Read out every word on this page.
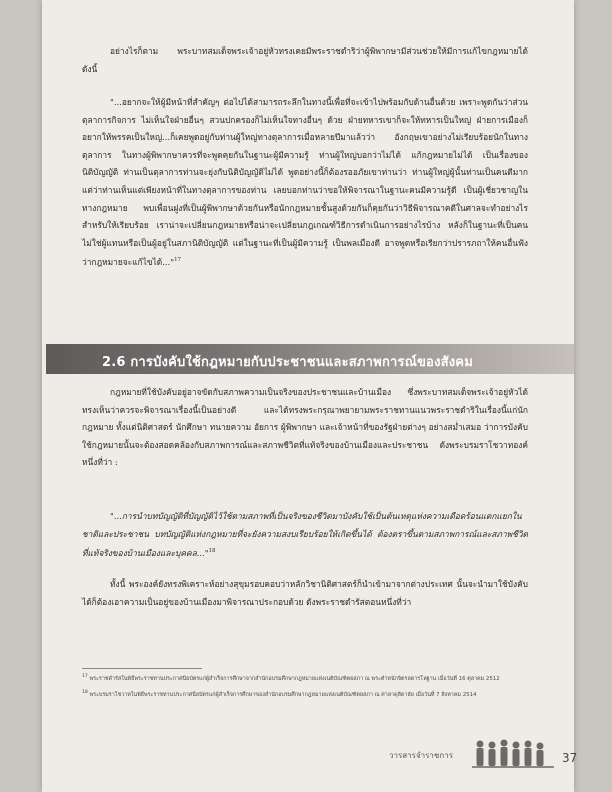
อย่างไรก็ตาม พระบาทสมเด็จพระเจ้าอยู่หัวทรงเคยมีพระราชดำริว่าผู้พิพากษามีส่วนช่วยให้มีการแก้ไขกฎหมายได้ ดังนี้

"...อยากจะให้ผู้มีหน้าที่สำคัญๆ ต่อไปได้สามารถระลึกในทางนี้เพื่อที่จะเข้าไปพร้อมกับด้านอื่นด้วย เพราะพูดกันว่าส่วนตุลาการกิจการ ไม่เห็นใจฝ่ายอื่นๆ สวนปกครองก็ไม่เห็นใจทางอื่นๆ ด้วย ฝ่ายทหารเขาก็จะให้ทหารเป็นใหญ่ ฝ่ายการเมืองก็อยากให้พรรคเป็นใหญ่...ก็เคยพูดอยู่กับท่านผู้ใหญ่ทางตุลาการเมื่อหลายปีมาแล้วว่า อังกฤษเขาอย่างไม่เรียบร้อยนักในทางตุลาการ ในทางผู้พิพากษาควรที่จะพูดคุยกันในฐานะผู้มีความรู้ ท่านผู้ใหญ่บอกว่าไม่ได้ แก้กฎหมายไม่ได้ เป็นเรื่องของนิติบัญญัติ ท่านเป็นตุลาการท่านจะยุ่งกับนิติบัญญัติไม่ได้ พูดอย่างนี้ก็ต้องรออภัยเขาท่านว่า ท่านผู้ใหญ่ผู้นั้นท่านเป็นคนดีมาก แต่ว่าท่านเห็นแต่เพียงหน้าที่ในทางตุลาการของท่าน เลยบอกท่านว่าขอให้พิจารณาในฐานะคนมีความรู้ดี เป็นผู้เชี่ยวชาญในทางกฎหมาย พบเพื่อนฝูงที่เป็นผู้พิพากษาด้วยกันหรือนักกฎหมายชั้นสูงด้วยกันก็คุยกันว่าวิธีพิจารณาคดีในศาลจะทำอย่างไรสำหรับให้เรียบร้อย เราน่าจะเปลี่ยนกฎหมายหรือน่าจะเปลี่ยนกฎเกณฑ์วิธีการดำเนินการอย่างไรบ้าง หลังก็ในฐานะที่เป็นคน ไม่ใช่ผู้แทนหรือเป็นผู้อยู่ในสภานิติบัญญัติ แต่ในฐานะที่เป็นผู้มีความรู้ เป็นพลเมืองดี อาจพูดหรือเรียกว่าปรารภถาให้คนอื่นฟังว่ากฎหมายจะแก้ไขได้..."$^{17}$

2.6 การบังคับใช้กฎหมายกับประชาชนและสภาพการณ์ของสังคม

กฎหมายที่ใช้บังคับอยู่อาจขัดกับสภาพความเป็นจริงของประชาชนและบ้านเมือง ซึ่งพระบาทสมเด็จพระเจ้าอยู่หัวได้ทรงเห็นว่าควรจะพิจารณาเรื่องนี้เป็นอย่างดี และได้ทรงพระกรุณาพยายามพระราชทานแนวพระราชดำริในเรื่องนี้แก่นักกฎหมาย ทั้งแต่นิติศาสตร์ นักศึกษา ทนายความ อัยการ ผู้พิพากษา และเจ้าหน้าที่ของรัฐฝ่ายต่างๆ อย่างสม่ำเสมอ ว่าการบังคับใช้กฎหมายนั้นจะต้องสอดคล้องกับสภาพการณ์และสภาพชีวิตที่แท้จริงของบ้านเมืองและประชาชน ดังพระบรมราโชวาทองค์หนึ่งที่ว่า :

"...การนำบทบัญญัติที่บัญญัติไว้ใช้ตามสภาพที่เป็นจริงของชีวิตมาบังคับใช้เป็นต้นเหตุแห่งความเดือดร้อนแตกแยกในชาติและประชาชน บทบัญญัติแห่งกฎหมายที่จะยังความสงบเรียบร้อยให้เกิดขึ้นได้ ต้องตราขึ้นตามสภาพการณ์และสภาพชีวิตที่แท้จริงของบ้านเมืองและบุคคล..."$^{18}$

ทั้งนี้ พระองค์ยังทรงพิเคราะห์อย่างสุขุมรอบคอบว่าหลักวิชานิติศาสตร์ก็นำเข้ามาจากต่างประเทศ นั้นจะนำมาใช้บังคับได้ก็ต้องเอาความเป็นอยู่ของบ้านเมืองมาพิจารณาประกอบด้วย ดังพระราชดำรัสตอนหนึ่งที่ว่า

$^{17}$ พระราชดำรัสในพิธีพระราชทานประกาศนียบัตรแก่ผู้สำเร็จการศึกษาจากสำนักอบรมศึกษากฎหมายแห่งเนติบัณฑิตยสภา ณ พระตำหนักจิตรลดารโหฐาน เมื่อวันที่ 16 ตุลาคม 2512
$^{18}$ พระบรมราโชวาทในพิธีพระราชทานประกาศนียบัตรแก่ผู้สำเร็จการศึกษาของสำนักอบรมศึกษากฎหมายแห่งเนติบัณฑิตยสภา ณ ศาลาดุสิดาลัย เมื่อวันที่ 7 สิงหาคม 2514
วารสารจำราชการ	37
